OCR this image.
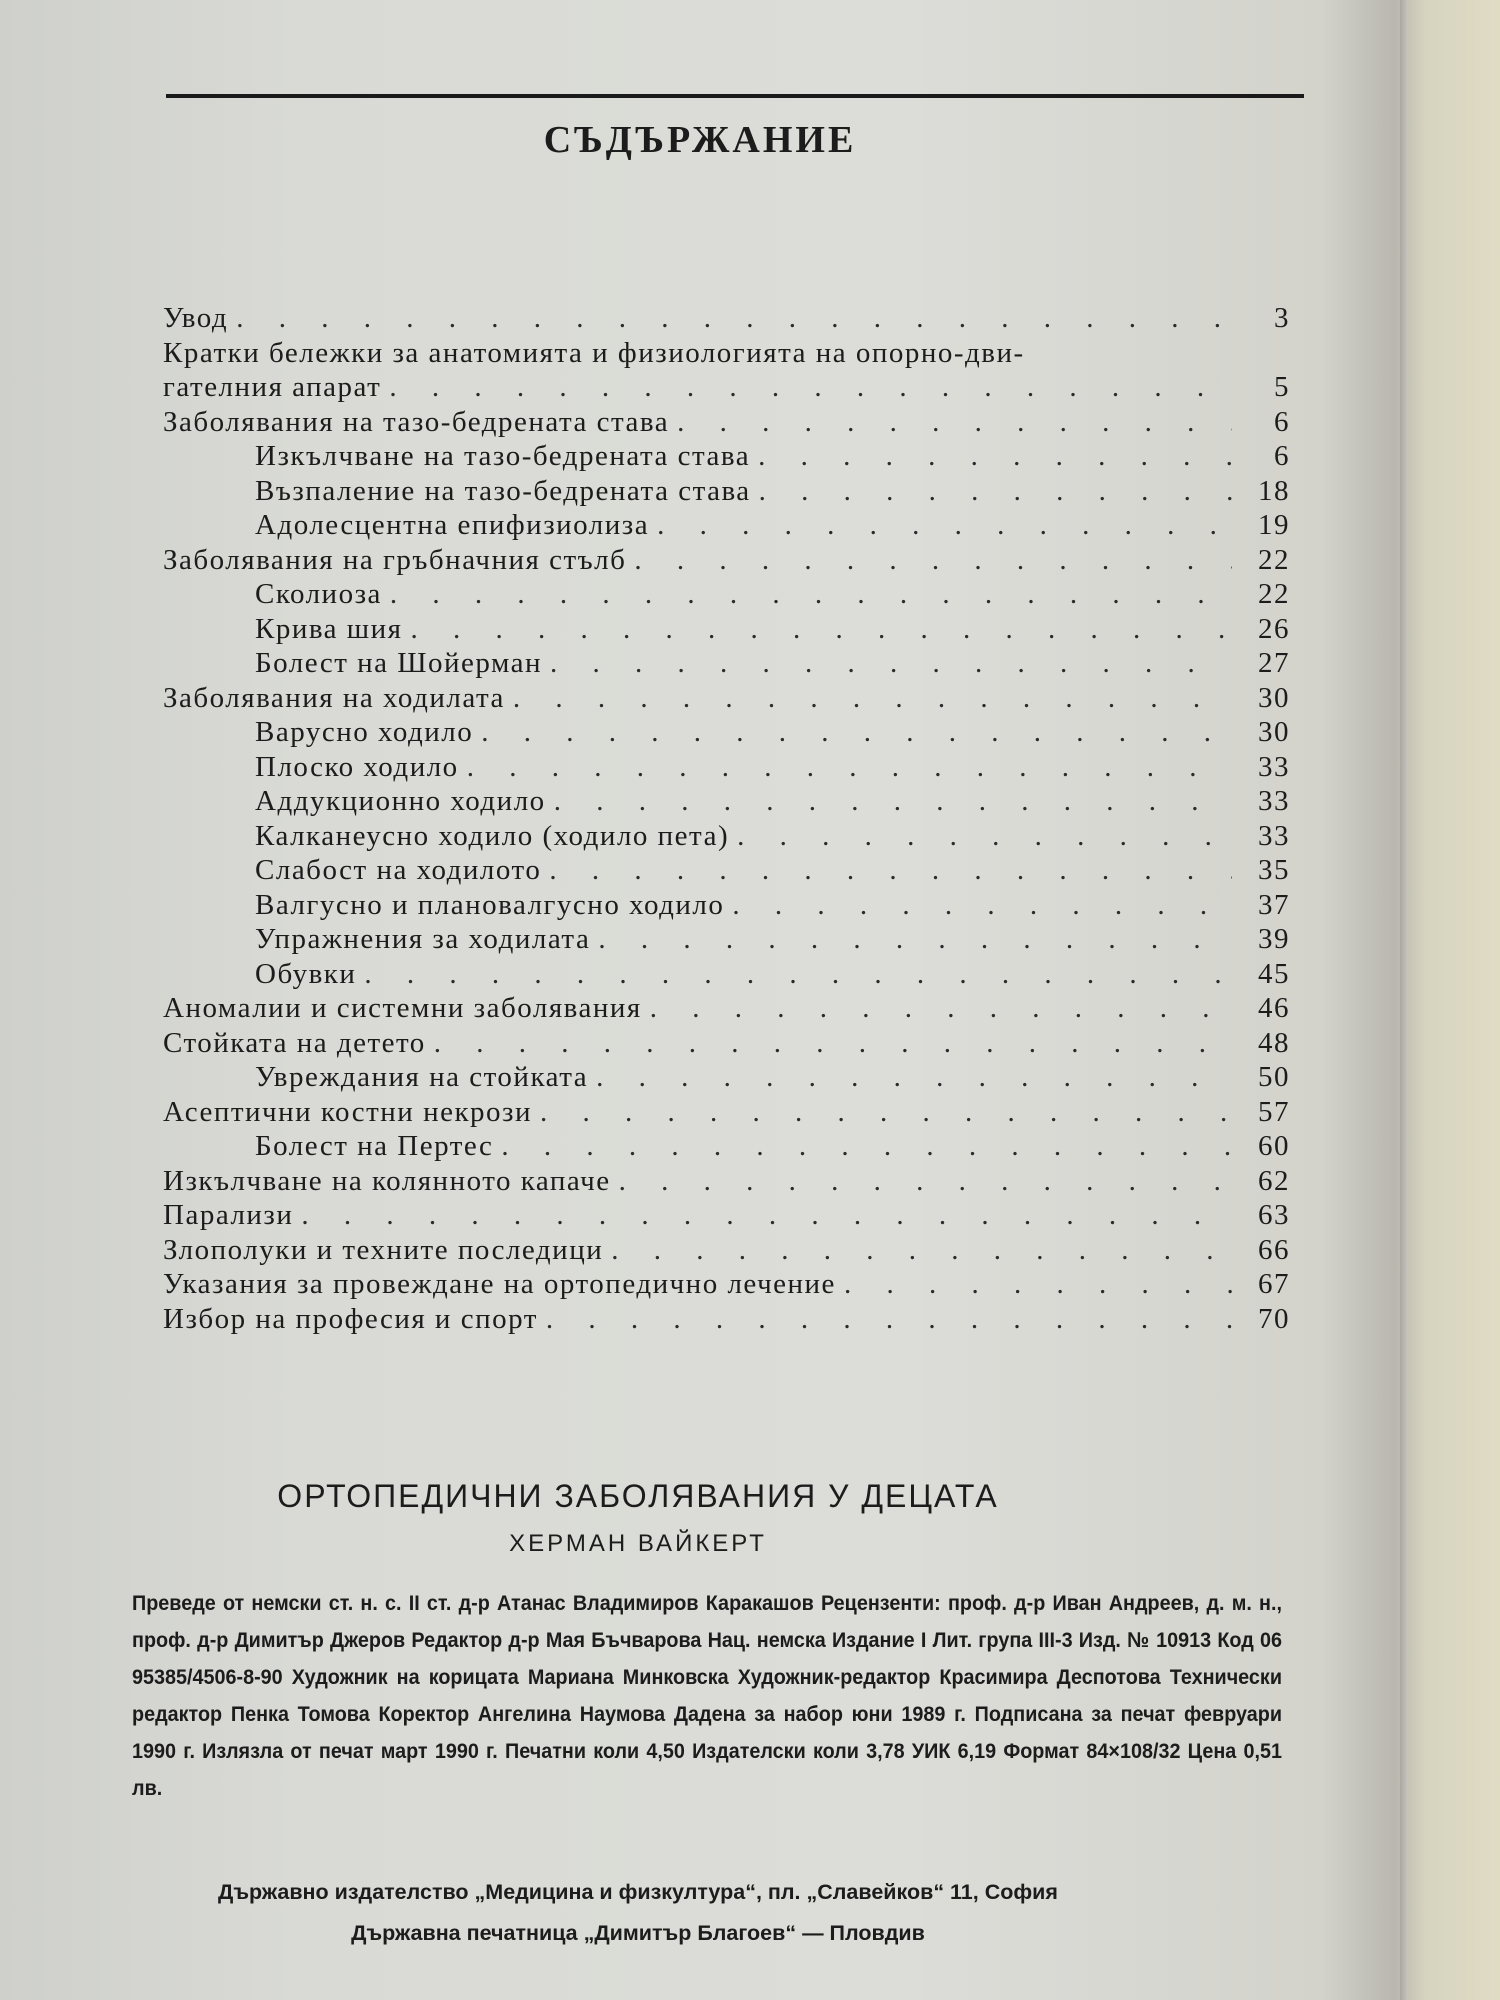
СЪДЪРЖАНИЕ
Увод . . .	3
Кратки бележки за анатомията и физиологията на опорно-дви-
гателния апарат . . .	5
Заболявания на тазо-бедрената става . . .	6
Изкълчване на тазо-бедрената става . . .	6
Възпаление на тазо-бедрената става . . .	18
Адолесцентна епифизиолиза . . .	19
Заболявания на гръбначния стълб . . .	22
Сколиоза . . .	22
Крива шия . . .	26
Болест на Шойерман . . .	27
Заболявания на ходилата . . .	30
Варусно ходило . . .	30
Плоско ходило . . .	33
Аддукционно ходило . . .	33
Калканеусно ходило (ходило пета) . . .	33
Слабост на ходилото . . .	35
Валгусно и плановалгусно ходило . . .	37
Упражнения за ходилата . . .	39
Обувки . . .	45
Аномалии и системни заболявания . . .	46
Стойката на детето . . .	48
Увреждания на стойката . . .	50
Асептични костни некрози . . .	57
Болест на Пертес . . .	60
Изкълчване на колянното капаче . . .	62
Парализи . . .	63
Злополуки и техните последици . . .	66
Указания за провеждане на ортопедично лечение . . .	67
Избор на професия и спорт . . .	70
ОРТОПЕДИЧНИ ЗАБОЛЯВАНИЯ У ДЕЦАТА
ХЕРМАН ВАЙКЕРТ
Преведе от немски ст. н. с. II ст. д-р Атанас Владимиров Каракашов Рецензенти: проф. д-р Иван Андреев, д. м. н., проф. д-р Димитър Джеров Редактор д-р Мая Бъчварова Нац. немска Издание I Лит. група III-3 Изд. № 10913 Код 06 95385/4506-8-90 Художник на корицата Мариана Минковска Художник-редактор Красимира Деспотова Технически редактор Пенка Томова Коректор Ангелина Наумова Дадена за набор юни 1989 г. Подписана за печат февруари 1990 г. Излязла от печат март 1990 г. Печатни коли 4,50 Издателски коли 3,78 УИК 6,19 Формат 84×108/32 Цена 0,51 лв.
Държавно издателство „Медицина и физкултура“, пл. „Славейков“ 11, София
Държавна печатница „Димитър Благоев“ — Пловдив
